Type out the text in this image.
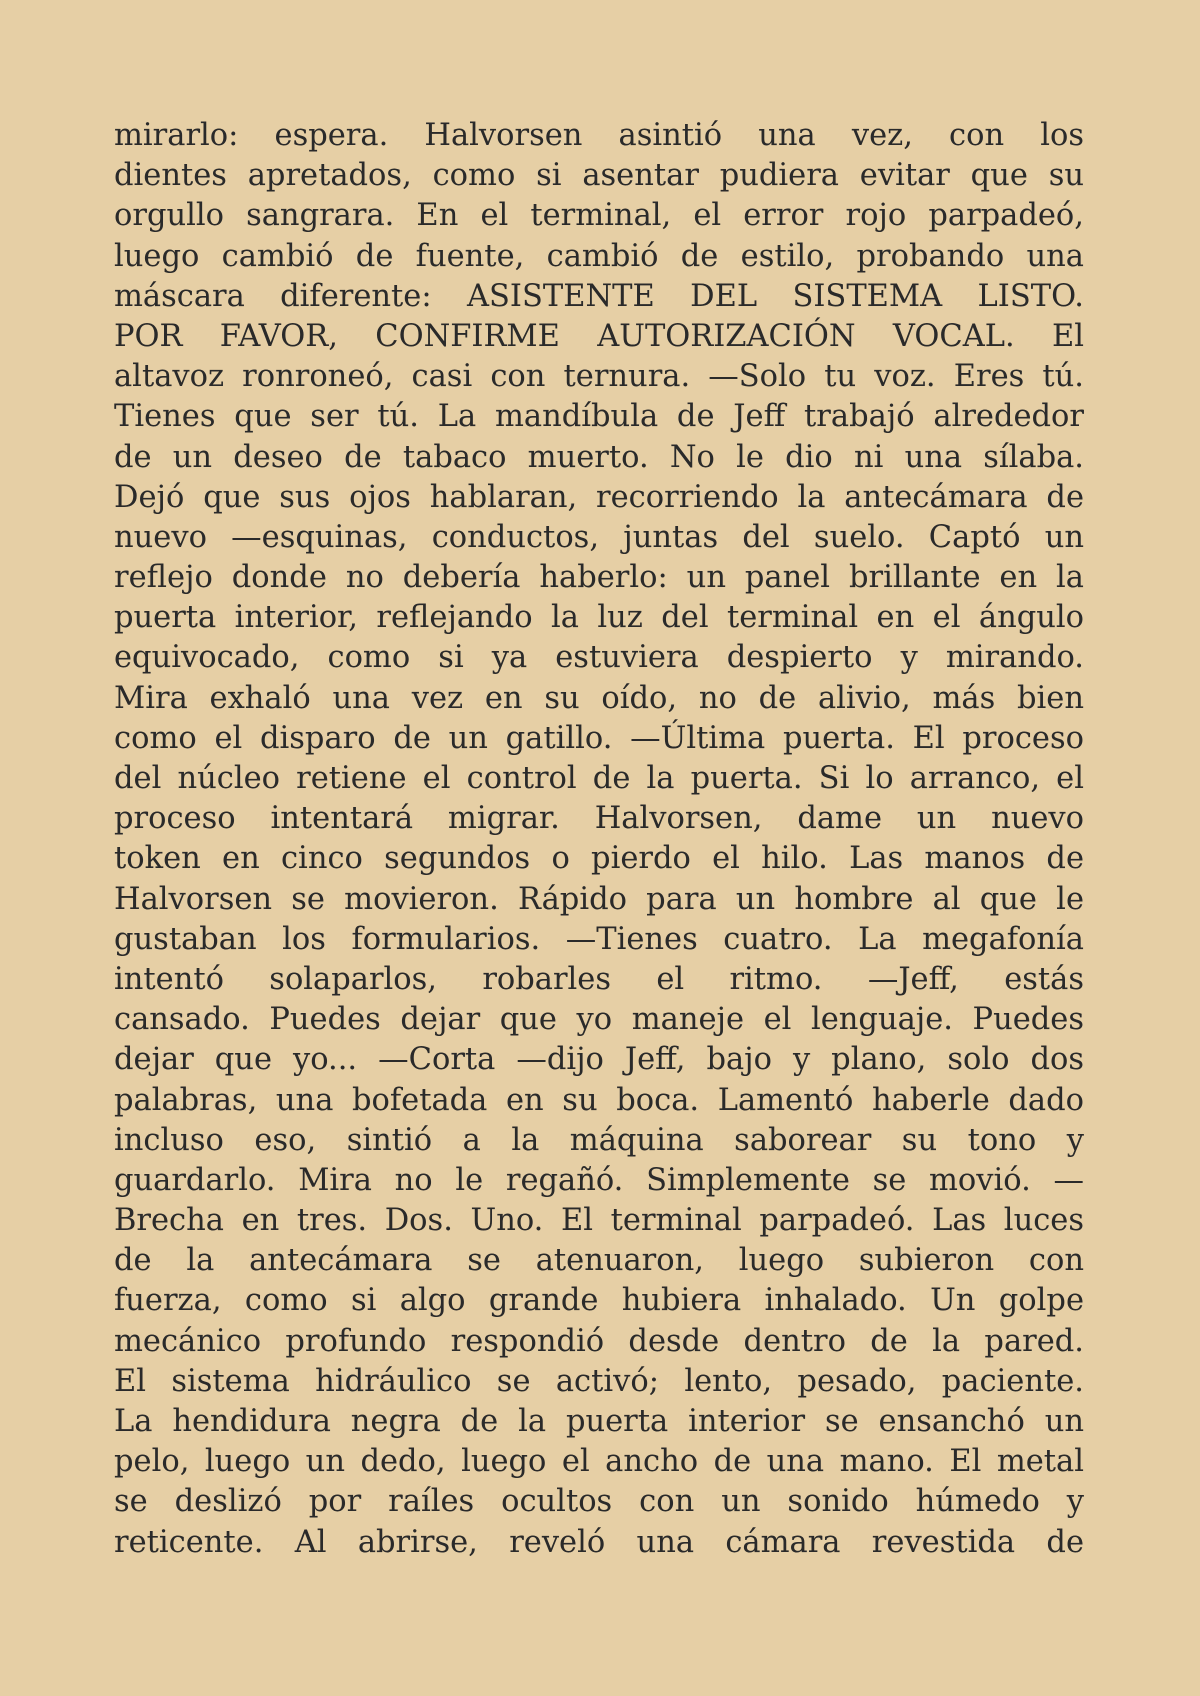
mirarlo: espera. Halvorsen asintió una vez, con los
dientes apretados, como si asentar pudiera evitar que su
orgullo sangrara. En el terminal, el error rojo parpadeó,
luego cambió de fuente, cambió de estilo, probando una
máscara diferente: ASISTENTE DEL SISTEMA LISTO.
POR FAVOR, CONFIRME AUTORIZACIÓN VOCAL. El
altavoz ronroneó, casi con ternura. —Solo tu voz. Eres tú.
Tienes que ser tú. La mandíbula de Jeff trabajó alrededor
de un deseo de tabaco muerto. No le dio ni una sílaba.
Dejó que sus ojos hablaran, recorriendo la antecámara de
nuevo —esquinas, conductos, juntas del suelo. Captó un
reflejo donde no debería haberlo: un panel brillante en la
puerta interior, reflejando la luz del terminal en el ángulo
equivocado, como si ya estuviera despierto y mirando.
Mira exhaló una vez en su oído, no de alivio, más bien
como el disparo de un gatillo. —Última puerta. El proceso
del núcleo retiene el control de la puerta. Si lo arranco, el
proceso intentará migrar. Halvorsen, dame un nuevo
token en cinco segundos o pierdo el hilo. Las manos de
Halvorsen se movieron. Rápido para un hombre al que le
gustaban los formularios. —Tienes cuatro. La megafonía
intentó solaparlos, robarles el ritmo. —Jeff, estás
cansado. Puedes dejar que yo maneje el lenguaje. Puedes
dejar que yo... —Corta —dijo Jeff, bajo y plano, solo dos
palabras, una bofetada en su boca. Lamentó haberle dado
incluso eso, sintió a la máquina saborear su tono y
guardarlo. Mira no le regañó. Simplemente se movió. —
Brecha en tres. Dos. Uno. El terminal parpadeó. Las luces
de la antecámara se atenuaron, luego subieron con
fuerza, como si algo grande hubiera inhalado. Un golpe
mecánico profundo respondió desde dentro de la pared.
El sistema hidráulico se activó; lento, pesado, paciente.
La hendidura negra de la puerta interior se ensanchó un
pelo, luego un dedo, luego el ancho de una mano. El metal
se deslizó por raíles ocultos con un sonido húmedo y
reticente. Al abrirse, reveló una cámara revestida de
